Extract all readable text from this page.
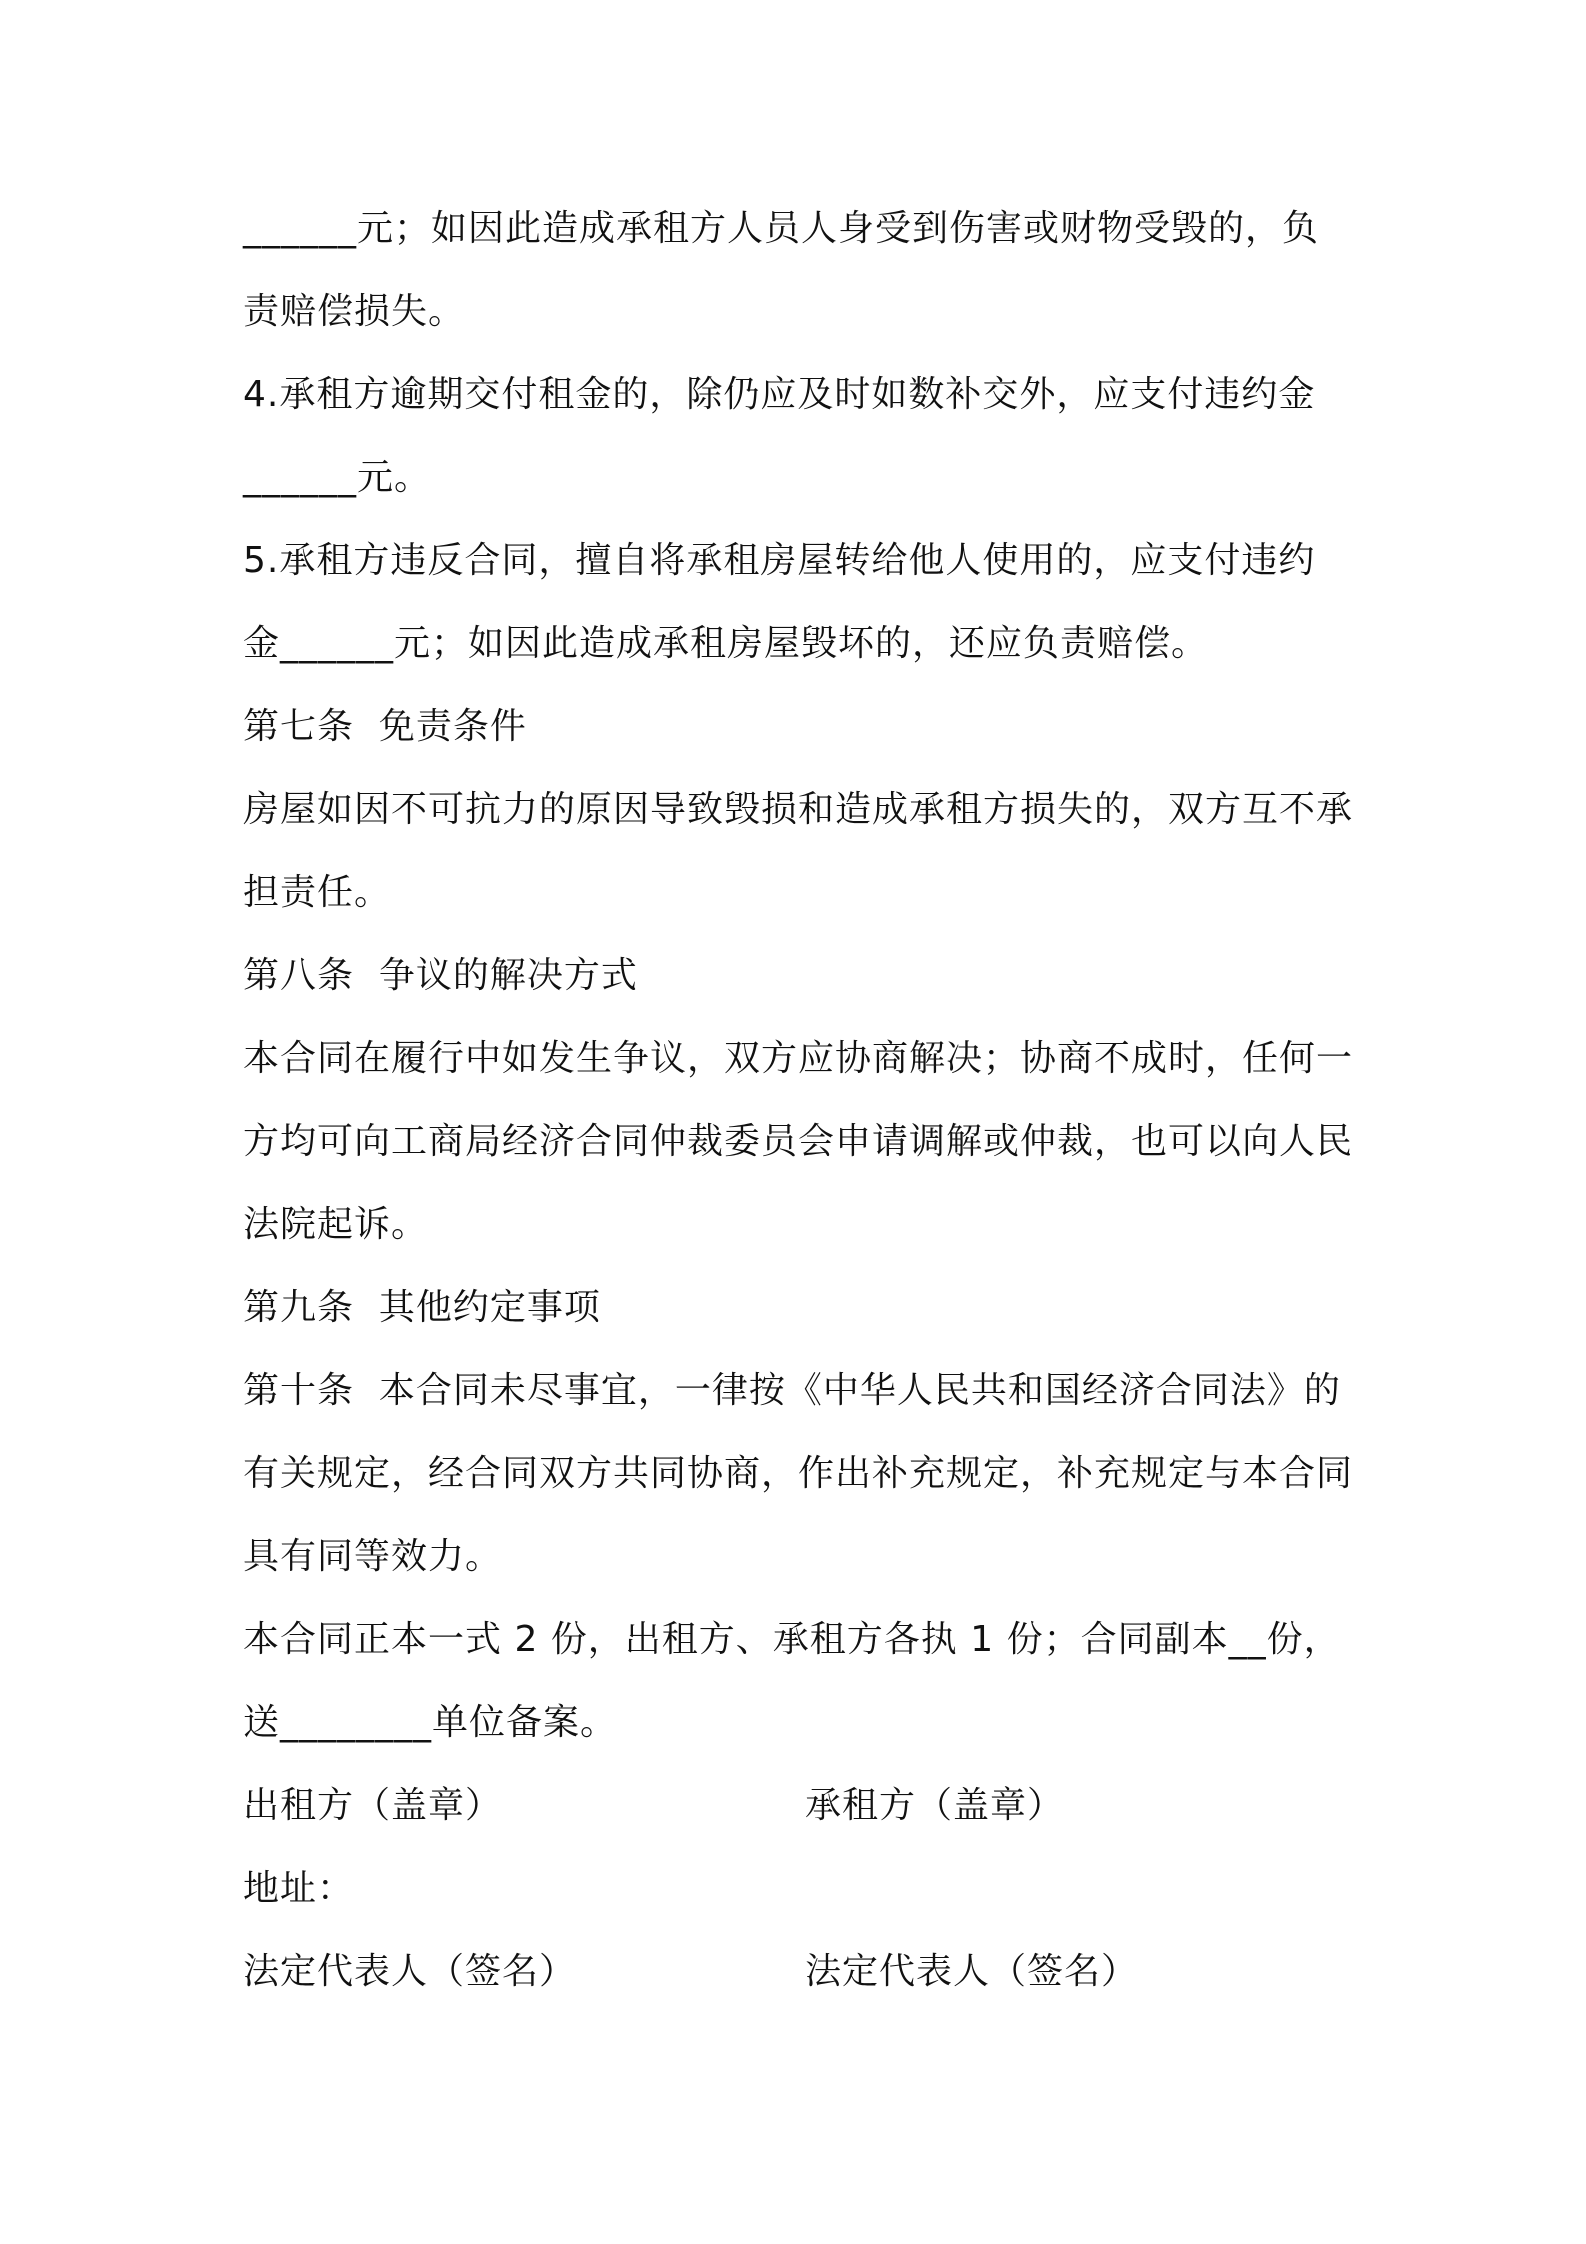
______元；如因此造成承租方人员人身受到伤害或财物受毁的，负
责赔偿损失。
4.承租方逾期交付租金的，除仍应及时如数补交外，应支付违约金
______元。
5.承租方违反合同，擅自将承租房屋转给他人使用的，应支付违约
金______元；如因此造成承租房屋毁坏的，还应负责赔偿。
第七条  免责条件
房屋如因不可抗力的原因导致毁损和造成承租方损失的，双方互不承
担责任。
第八条  争议的解决方式
本合同在履行中如发生争议，双方应协商解决；协商不成时，任何一
方均可向工商局经济合同仲裁委员会申请调解或仲裁，也可以向人民
法院起诉。
第九条  其他约定事项
第十条  本合同未尽事宜，一律按《中华人民共和国经济合同法》的
有关规定，经合同双方共同协商，作出补充规定，补充规定与本合同
具有同等效力。
本合同正本一式 2 份，出租方、承租方各执 1 份；合同副本__份，
送________单位备案。
出租方（盖章）	承租方（盖章）
地址：
法定代表人（签名）	法定代表人（签名）
